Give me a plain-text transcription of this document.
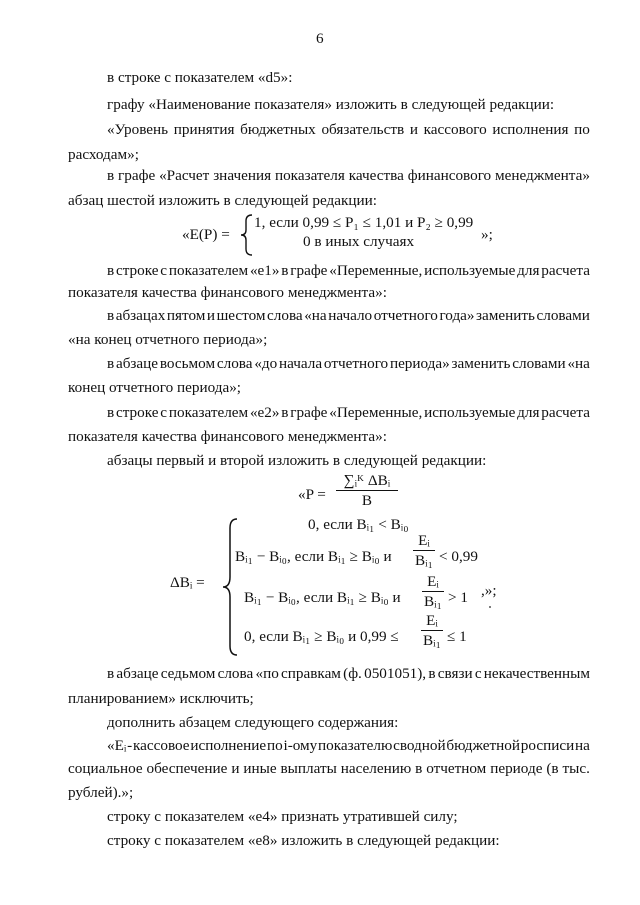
6
в строке с показателем «d5»:
графу «Наименование показателя» изложить в следующей редакции:
«Уровень принятия бюджетных обязательств и кассового исполнения по
расходам»;
в графе «Расчет значения показателя качества финансового менеджмента»
абзац шестой изложить в следующей редакции:
«E(P) =
1, если 0,99 ≤ P₁ ≤ 1,01 и P₂ ≥ 0,99
0 в иных случаях	»;
в строке с показателем «e1» в графе «Переменные, используемые для расчета
показателя качества финансового менеджмента»:
в абзацах пятом и шестом слова «на начало отчетного года» заменить словами
«на конец отчетного периода»;
в абзаце восьмом слова «до начала отчетного периода» заменить словами «на
конец отчетного периода»;
в строке с показателем «e2» в графе «Переменные, используемые для расчета
показателя качества финансового менеджмента»:
абзацы первый и второй изложить в следующей редакции:
«P =
∑ᵢᴷ ΔBᵢ
B
ΔBᵢ =
0, если Bᵢ₁ < Bᵢ₀
Bᵢ₁ − Bᵢ₀, если Bᵢ₁ ≥ Bᵢ₀ и
Eᵢ
Bᵢ₁ < 0,99
Bᵢ₁ − Bᵢ₀, если Bᵢ₁ ≥ Bᵢ₀ и
Eᵢ
Bᵢ₁ > 1 ,»;
0, если Bᵢ₁ ≥ Bᵢ₀ и 0,99 ≤
Eᵢ
Bᵢ₁ ≤ 1
в абзаце седьмом слова «по справкам (ф. 0501051), в связи с некачественным
планированием» исключить;
дополнить абзацем следующего содержания:
«Eᵢ - кассовое исполнение по i-ому показателю сводной бюджетной росписи на
социальное обеспечение и иные выплаты населению в отчетном периоде (в тыс.
рублей).»;
строку с показателем «e4» признать утратившей силу;
строку с показателем «e8» изложить в следующей редакции:
